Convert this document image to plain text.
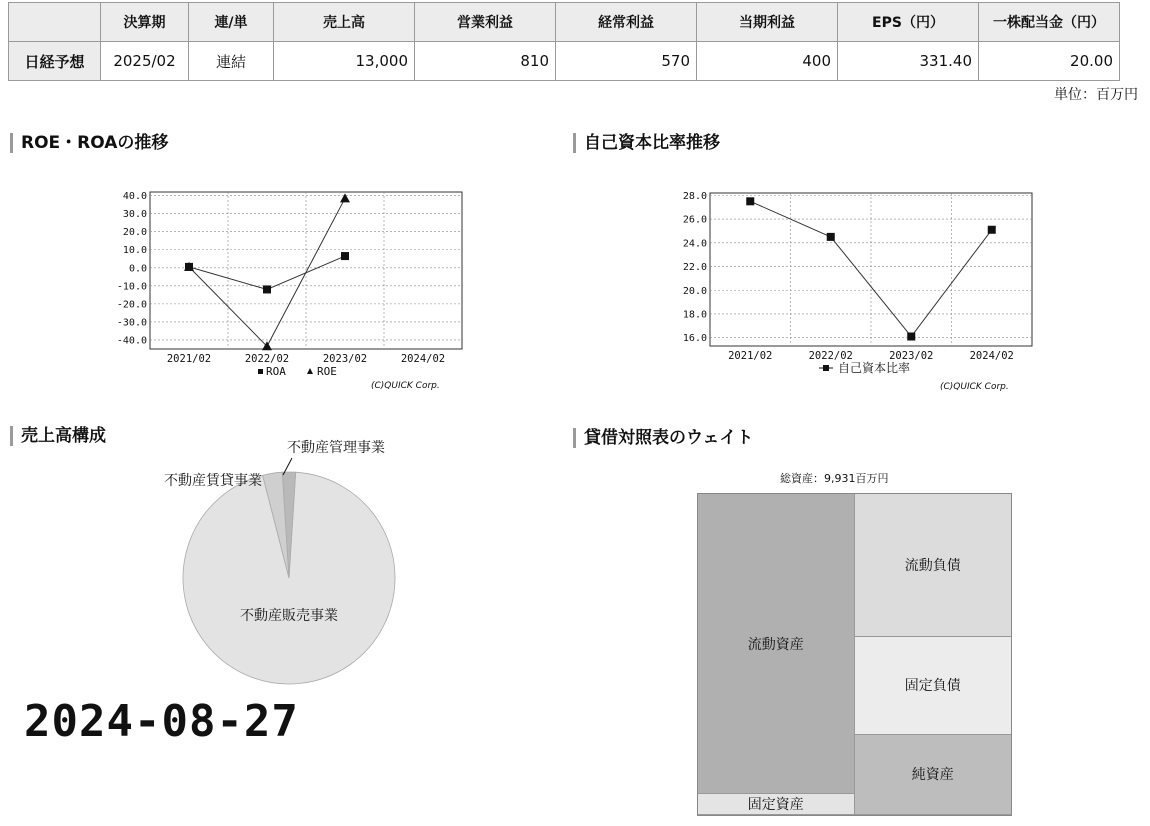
	決算期	連/単	売上高	営業利益	経常利益	当期利益	EPS（円）	一株配当金（円）
日経予想	2025/02	連結	13,000	810	570	400	331.40	20.00
単位：百万円
ROE・ROAの推移	自己資本比率推移
売上高構成	貸借対照表のウェイト
40.0
30.0
20.0
10.0
0.0
-10.0
-20.0
-30.0
-40.0
2021/02	2022/02	2023/02	2024/02
ROA	ROE
(C)QUICK Corp.
28.0
26.0
24.0
22.0
20.0
18.0
16.0
2021/02	2022/02	2023/02	2024/02
自己資本比率
(C)QUICK Corp.
不動産販売事業
不動産賃貸事業
不動産管理事業
2024-08-27
総資産：9,931百万円
流動資産
固定資産
流動負債
固定負債
純資産
